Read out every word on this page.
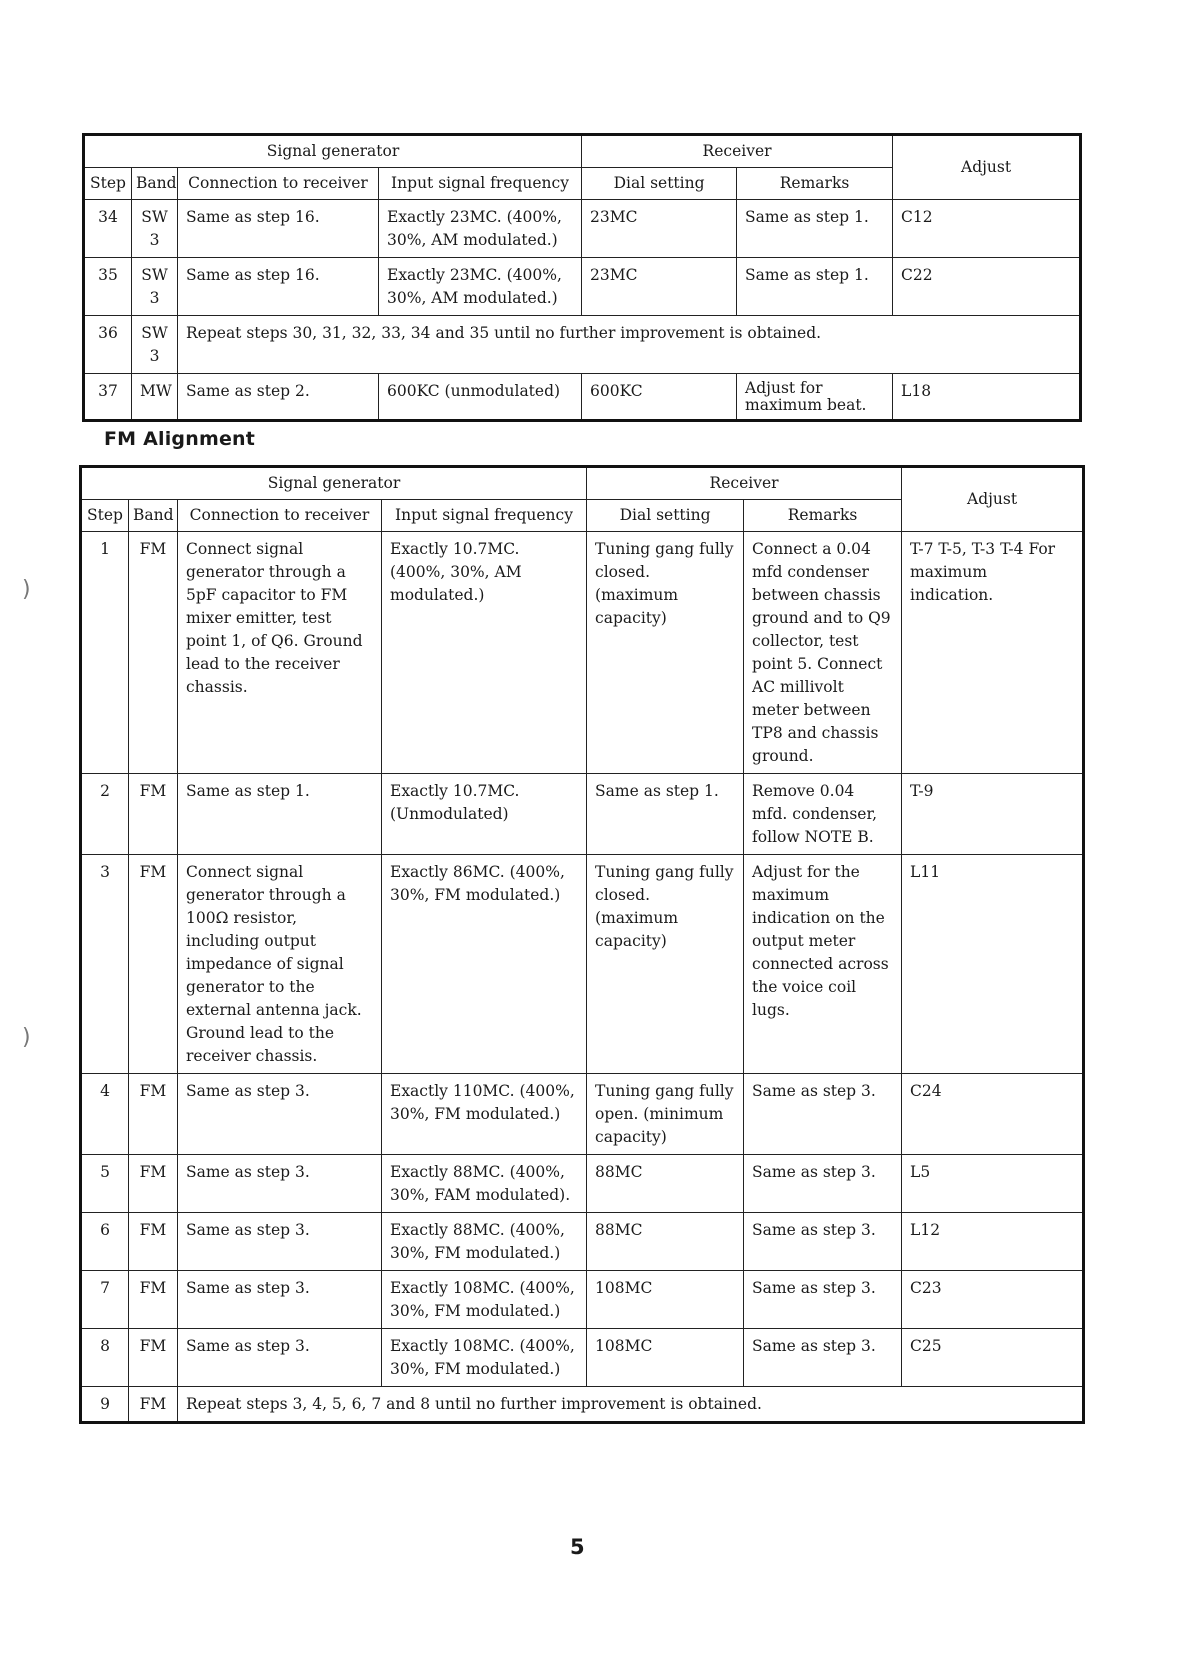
Signal generator				Receiver		Adjust
Step	Band	Connection to receiver	Input signal frequency	Dial setting	Remarks	
34	SW 3	Same as step 16.	Exactly 23MC. (400%, 30%, AM modulated.)	23MC	Same as step 1.	C12
35	SW 3	Same as step 16.	Exactly 23MC. (400%, 30%, AM modulated.)	23MC	Same as step 1.	C22
36	SW 3	Repeat steps 30, 31, 32, 33, 34 and 35 until no further improvement is obtained.				
37	MW	Same as step 2.	600KC (unmodulated)	600KC	Adjust for maximum beat.	L18
FM Alignment
Signal generator				Receiver		Adjust
Step	Band	Connection to receiver	Input signal frequency	Dial setting	Remarks	
1	FM	Connect signal generator through a 5pF capacitor to FM mixer emitter, test point 1, of Q6. Ground lead to the receiver chassis.	Exactly 10.7MC. (400%, 30%, AM modulated.)	Tuning gang fully closed. (maximum capacity)	Connect a 0.04 mfd condenser between chassis ground and to Q9 collector, test point 5. Connect AC millivolt meter between TP8 and chassis ground.	T-7 T-5, T-3 T-4 For maximum indication.
2	FM	Same as step 1.	Exactly 10.7MC. (Unmodulated)	Same as step 1.	Remove 0.04 mfd. condenser, follow NOTE B.	T-9
3	FM	Connect signal generator through a 100Ω resistor, including output impedance of signal generator to the external antenna jack. Ground lead to the receiver chassis.	Exactly 86MC. (400%, 30%, FM modulated.)	Tuning gang fully closed. (maximum capacity)	Adjust for the maximum indication on the output meter connected across the voice coil lugs.	L11
4	FM	Same as step 3.	Exactly 110MC. (400%, 30%, FM modulated.)	Tuning gang fully open. (minimum capacity)	Same as step 3.	C24
5	FM	Same as step 3.	Exactly 88MC. (400%, 30%, FAM modulated).	88MC	Same as step 3.	L5
6	FM	Same as step 3.	Exactly 88MC. (400%, 30%, FM modulated.)	88MC	Same as step 3.	L12
7	FM	Same as step 3.	Exactly 108MC. (400%, 30%, FM modulated.)	108MC	Same as step 3.	C23
8	FM	Same as step 3.	Exactly 108MC. (400%, 30%, FM modulated.)	108MC	Same as step 3.	C25
9	FM	Repeat steps 3, 4, 5, 6, 7 and 8 until no further improvement is obtained.				
)
)
5
